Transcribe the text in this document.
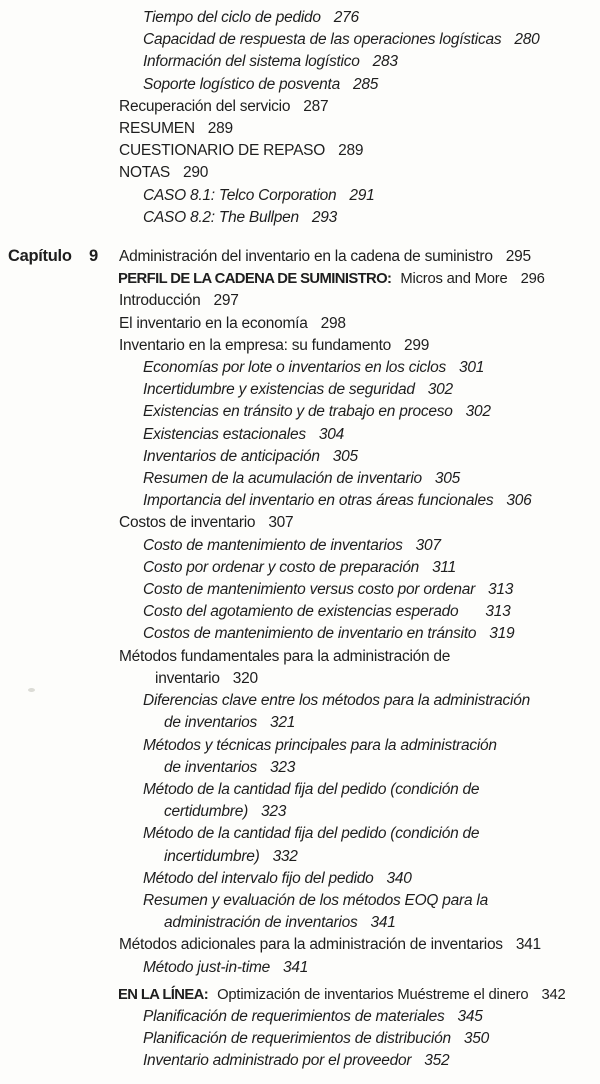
Tiempo del ciclo de pedido 276
Capacidad de respuesta de las operaciones logísticas 280
Información del sistema logístico 283
Soporte logístico de posventa 285
Recuperación del servicio 287
RESUMEN 289
CUESTIONARIO DE REPASO 289
NOTAS 290
CASO 8.1: Telco Corporation 291
CASO 8.2: The Bullpen 293
Capítulo 9 Administración del inventario en la cadena de suministro 295
PERFIL DE LA CADENA DE SUMINISTRO: Micros and More 296
Introducción 297
El inventario en la economía 298
Inventario en la empresa: su fundamento 299
Economías por lote o inventarios en los ciclos 301
Incertidumbre y existencias de seguridad 302
Existencias en tránsito y de trabajo en proceso 302
Existencias estacionales 304
Inventarios de anticipación 305
Resumen de la acumulación de inventario 305
Importancia del inventario en otras áreas funcionales 306
Costos de inventario 307
Costo de mantenimiento de inventarios 307
Costo por ordenar y costo de preparación 311
Costo de mantenimiento versus costo por ordenar 313
Costo del agotamiento de existencias esperado 313
Costos de mantenimiento de inventario en tránsito 319
Métodos fundamentales para la administración de
inventario 320
Diferencias clave entre los métodos para la administración
de inventarios 321
Métodos y técnicas principales para la administración
de inventarios 323
Método de la cantidad fija del pedido (condición de
certidumbre) 323
Método de la cantidad fija del pedido (condición de
incertidumbre) 332
Método del intervalo fijo del pedido 340
Resumen y evaluación de los métodos EOQ para la
administración de inventarios 341
Métodos adicionales para la administración de inventarios 341
Método just-in-time 341
EN LA LÍNEA: Optimización de inventarios Muéstreme el dinero 342
Planificación de requerimientos de materiales 345
Planificación de requerimientos de distribución 350
Inventario administrado por el proveedor 352
